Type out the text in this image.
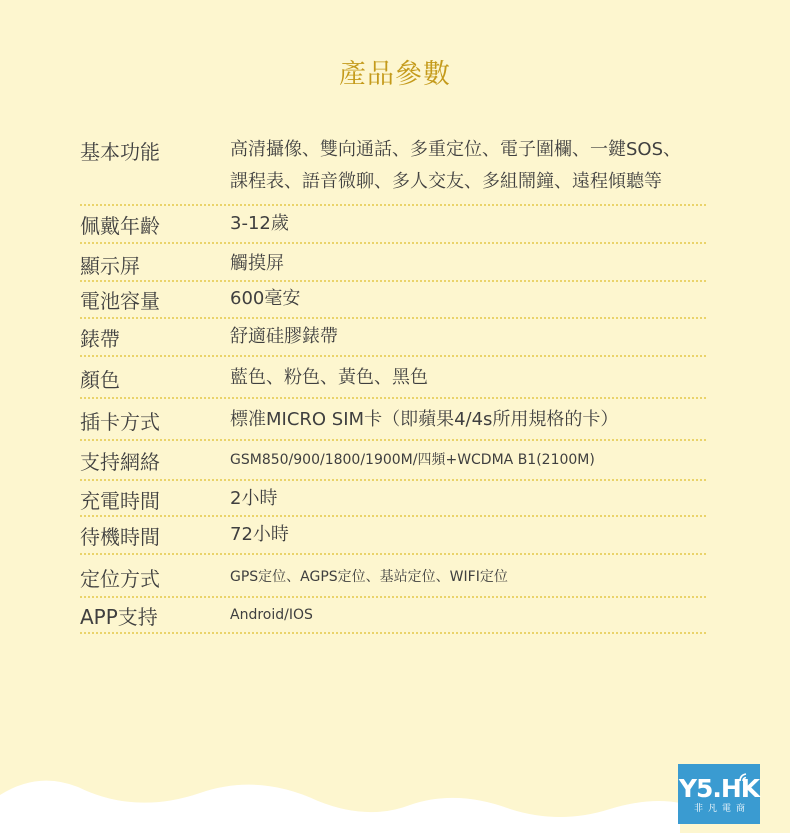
產品參數
基本功能	高清攝像、雙向通話、多重定位、電子圍欄、一鍵SOS、
課程表、語音微聊、多人交友、多組鬧鐘、遠程傾聽等
佩戴年齡	3-12歲
顯示屏	觸摸屏
電池容量	600毫安
錶帶	舒適硅膠錶帶
顏色	藍色、粉色、黃色、黑色
插卡方式	標准MICRO SIM卡（即蘋果4/4s所用規格的卡）
支持網絡	GSM850/900/1800/1900M/四頻+WCDMA B1(2100M)
充電時間	2小時
待機時間	72小時
定位方式	GPS定位、AGPS定位、基站定位、WIFI定位
APP支持	Android/IOS
Y5.HK
非凡電商
